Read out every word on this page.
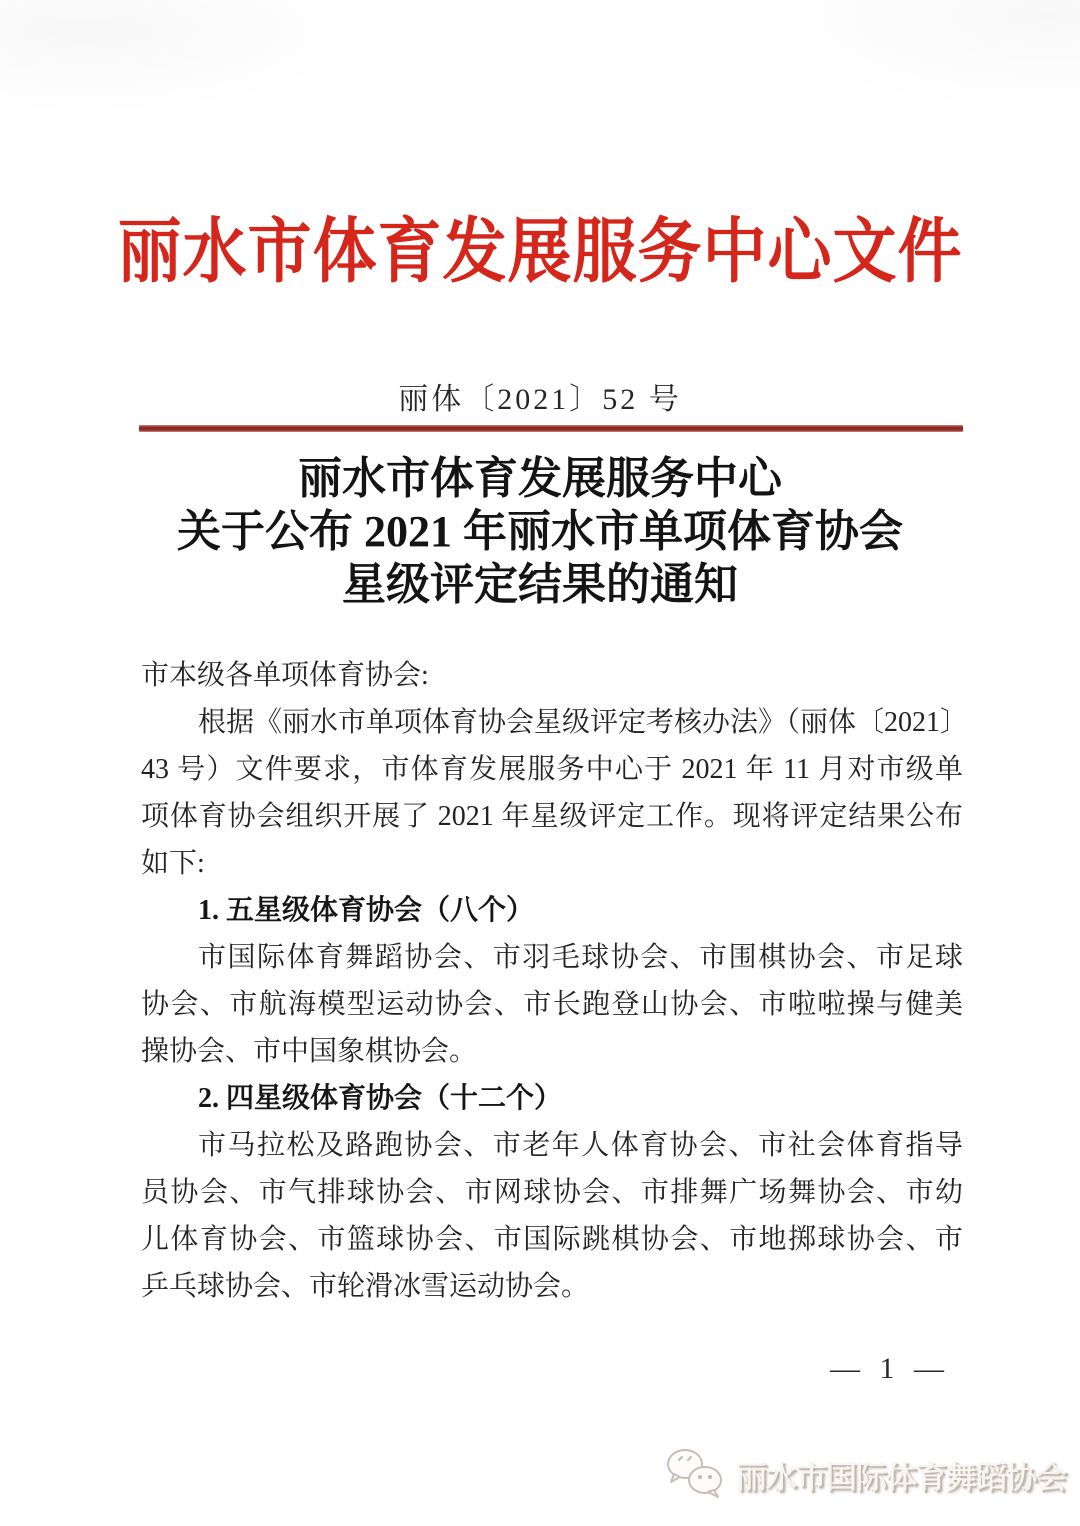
丽水市体育发展服务中心文件
丽体〔2021〕52 号
丽水市体育发展服务中心
关于公布 2021 年丽水市单项体育协会
星级评定结果的通知
市本级各单项体育协会:
根据《丽水市单项体育协会星级评定考核办法》（丽体〔2021〕
43 号）文件要求，市体育发展服务中心于 2021 年 11 月对市级单
项体育协会组织开展了 2021 年星级评定工作。现将评定结果公布
如下:
1. 五星级体育协会（八个）
市国际体育舞蹈协会、市羽毛球协会、市围棋协会、市足球
协会、市航海模型运动协会、市长跑登山协会、市啦啦操与健美
操协会、市中国象棋协会。
2. 四星级体育协会（十二个）
市马拉松及路跑协会、市老年人体育协会、市社会体育指导
员协会、市气排球协会、市网球协会、市排舞广场舞协会、市幼
儿体育协会、市篮球协会、市国际跳棋协会、市地掷球协会、市
乒乓球协会、市轮滑冰雪运动协会。
— 1 —
丽水市国际体育舞蹈协会
